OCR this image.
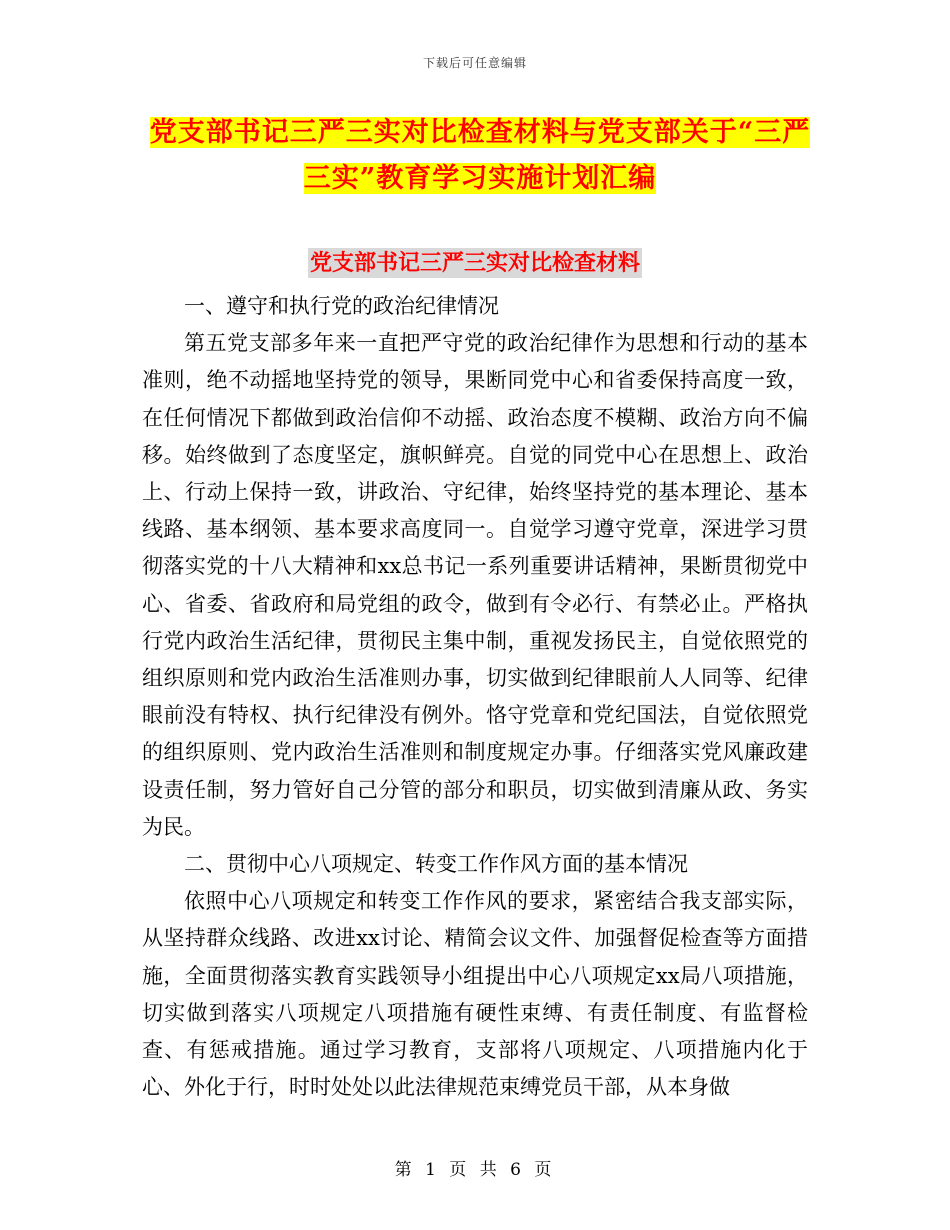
下载后可任意编辑
党支部书记三严三实对比检查材料与党支部关于“三严三实”教育学习实施计划汇编
党支部书记三严三实对比检查材料

一、遵守和执行党的政治纪律情况

第五党支部多年来一直把严守党的政治纪律作为思想和行动的基本准则，绝不动摇地坚持党的领导，果断同党中心和省委保持高度一致，在任何情况下都做到政治信仰不动摇、政治态度不模糊、政治方向不偏移。始终做到了态度坚定，旗帜鲜亮。自觉的同党中心在思想上、政治上、行动上保持一致，讲政治、守纪律，始终坚持党的基本理论、基本线路、基本纲领、基本要求高度同一。自觉学习遵守党章，深进学习贯彻落实党的十八大精神和xx总书记一系列重要讲话精神，果断贯彻党中心、省委、省政府和局党组的政令，做到有令必行、有禁必止。严格执行党内政治生活纪律，贯彻民主集中制，重视发扬民主，自觉依照党的组织原则和党内政治生活准则办事，切实做到纪律眼前人人同等、纪律眼前没有特权、执行纪律没有例外。恪守党章和党纪国法，自觉依照党的组织原则、党内政治生活准则和制度规定办事。仔细落实党风廉政建设责任制，努力管好自己分管的部分和职员，切实做到清廉从政、务实为民。

二、贯彻中心八项规定、转变工作作风方面的基本情况

依照中心八项规定和转变工作作风的要求，紧密结合我支部实际，从坚持群众线路、改进xx讨论、精简会议文件、加强督促检查等方面措施，全面贯彻落实教育实践领导小组提出中心八项规定xx局八项措施，切实做到落实八项规定八项措施有硬性束缚、有责任制度、有监督检查、有惩戒措施。通过学习教育，支部将八项规定、八项措施内化于心、外化于行，时时处处以此法律规范束缚党员干部，从本身做

第 1 页 共 6 页
